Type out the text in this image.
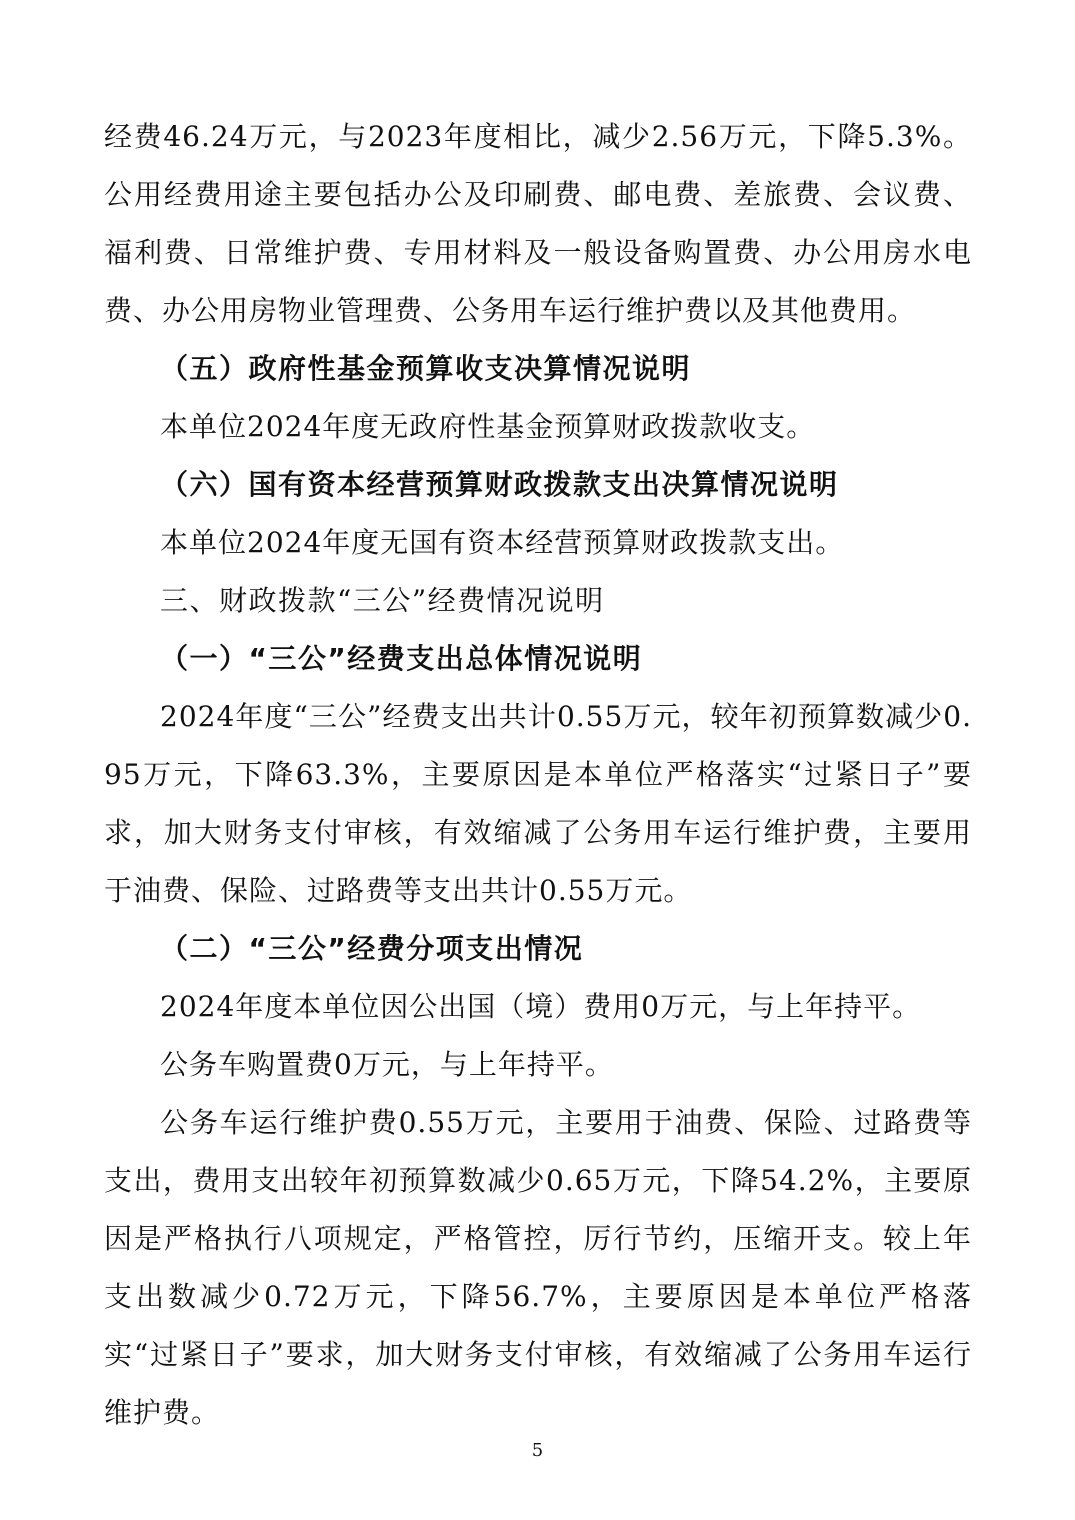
经费46.24万元，与2023年度相比，减少2.56万元，下降5.3%。公用经费用途主要包括办公及印刷费、邮电费、差旅费、会议费、福利费、日常维护费、专用材料及一般设备购置费、办公用房水电费、办公用房物业管理费、公务用车运行维护费以及其他费用。

（五）政府性基金预算收支决算情况说明

本单位2024年度无政府性基金预算财政拨款收支。

（六）国有资本经营预算财政拨款支出决算情况说明

本单位2024年度无国有资本经营预算财政拨款支出。

三、财政拨款“三公”经费情况说明

（一）“三公”经费支出总体情况说明

2024年度“三公”经费支出共计0.55万元，较年初预算数减少0.95万元，下降63.3%，主要原因是本单位严格落实“过紧日子”要求，加大财务支付审核，有效缩减了公务用车运行维护费，主要用于油费、保险、过路费等支出共计0.55万元。

（二）“三公”经费分项支出情况

2024年度本单位因公出国（境）费用0万元，与上年持平。

公务车购置费0万元，与上年持平。

公务车运行维护费0.55万元，主要用于油费、保险、过路费等支出，费用支出较年初预算数减少0.65万元，下降54.2%，主要原因是严格执行八项规定，严格管控，厉行节约，压缩开支。较上年支出数减少0.72万元，下降56.7%，主要原因是本单位严格落实“过紧日子”要求，加大财务支付审核，有效缩减了公务用车运行维护费。

5
